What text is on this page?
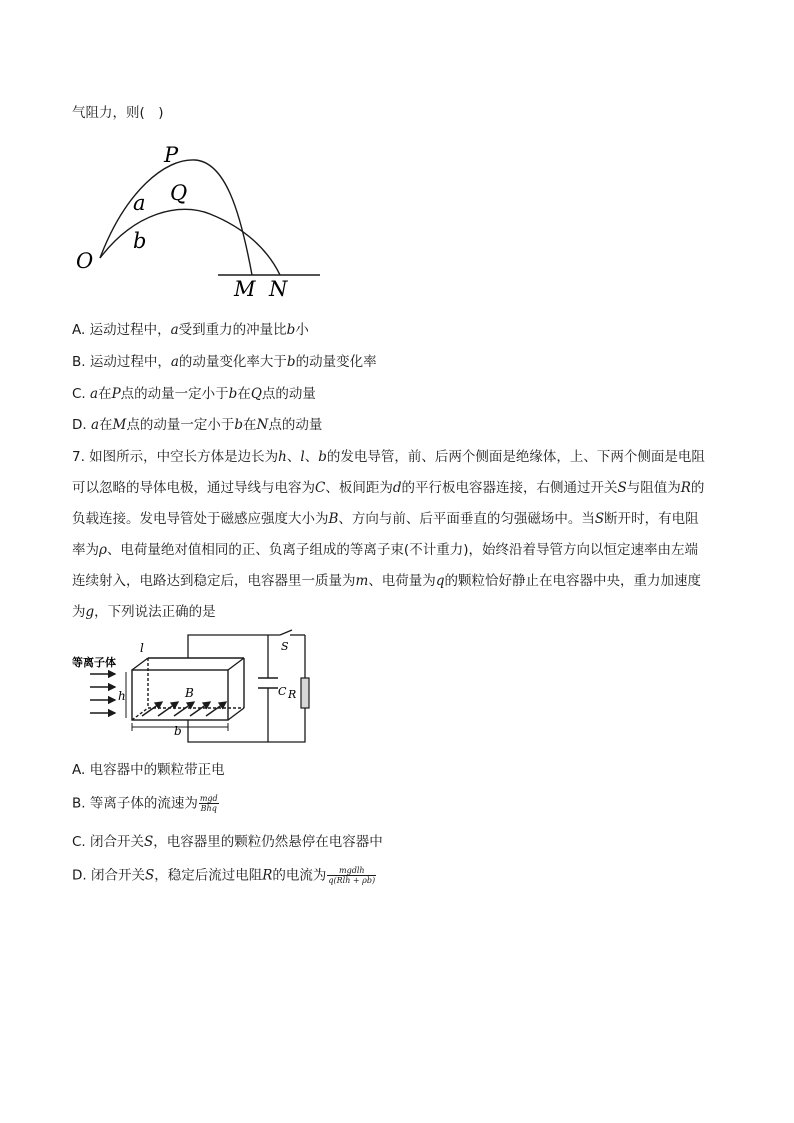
气阻力，则(　)
P
Q
a
b
O
M N
A. 运动过程中，a受到重力的冲量比b小
B. 运动过程中，a的动量变化率大于b的动量变化率
C. a在P点的动量一定小于b在Q点的动量
D. a在M点的动量一定小于b在N点的动量
7. 如图所示，中空长方体是边长为h、l、b的发电导管，前、后两个侧面是绝缘体，上、下两个侧面是电阻
可以忽略的导体电极，通过导线与电容为C、板间距为d的平行板电容器连接，右侧通过开关S与阻值为R的
负载连接。发电导管处于磁感应强度大小为B、方向与前、后平面垂直的匀强磁场中。当S断开时，有电阻
率为ρ、电荷量绝对值相同的正、负离子组成的等离子束(不计重力)，始终沿着导管方向以恒定速率由左端
连续射入，电路达到稳定后，电容器里一质量为m、电荷量为q的颗粒恰好静止在电容器中央，重力加速度
为g，下列说法正确的是
等离子体
B
l
h
b
S
C R
A. 电容器中的颗粒带正电
B. 等离子体的流速为 $\frac{\text{mgd}}{\text{Bhq}}$
C. 闭合开关S，电容器里的颗粒仍然悬停在电容器中
D. 闭合开关S，稳定后流过电阻R的电流为 $\frac{\text{mgdlh}}{\text{q(Rlh + ρb)}}$
